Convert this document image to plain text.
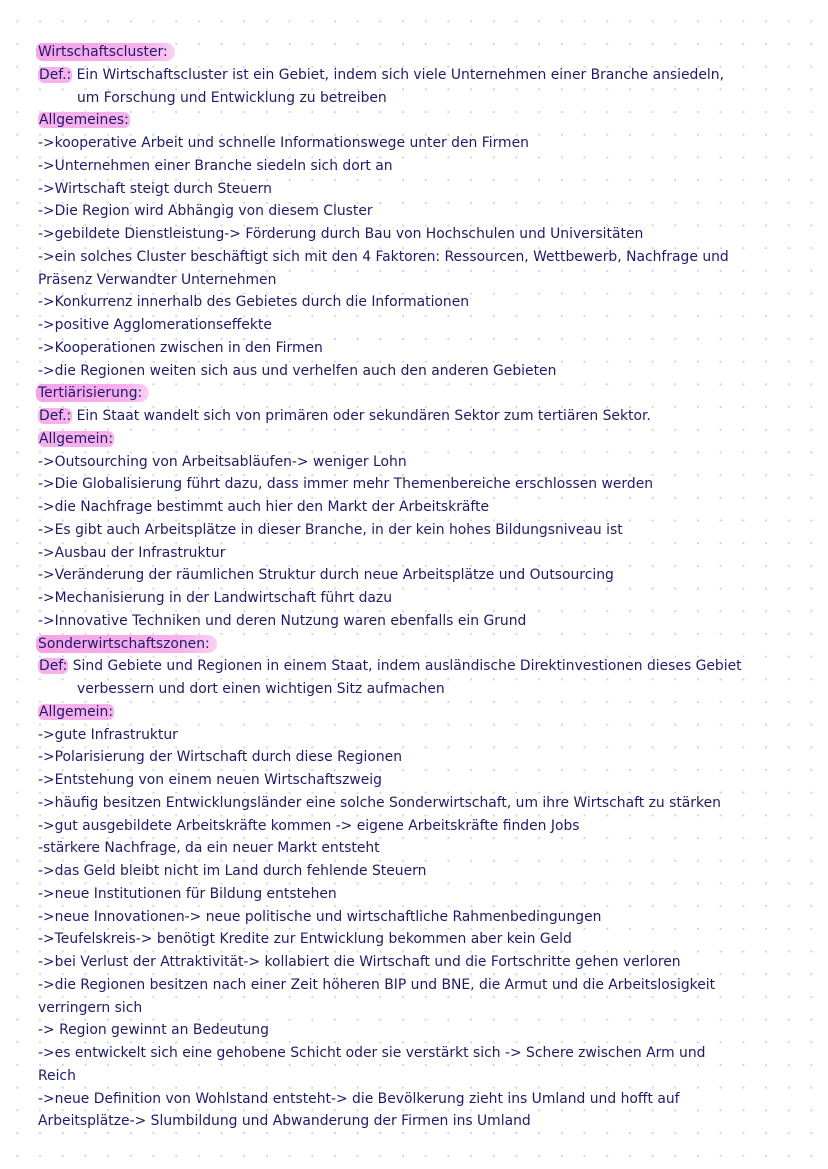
Wirtschaftscluster:
Def.: Ein Wirtschaftscluster ist ein Gebiet, indem sich viele Unternehmen einer Branche ansiedeln,
um Forschung und Entwicklung zu betreiben
Allgemeines:
->kooperative Arbeit und schnelle Informationswege unter den Firmen
->Unternehmen einer Branche siedeln sich dort an
->Wirtschaft steigt durch Steuern
->Die Region wird Abhängig von diesem Cluster
->gebildete Dienstleistung-> Förderung durch Bau von Hochschulen und Universitäten
->ein solches Cluster beschäftigt sich mit den 4 Faktoren: Ressourcen, Wettbewerb, Nachfrage und
Präsenz Verwandter Unternehmen
->Konkurrenz innerhalb des Gebietes durch die Informationen
->positive Agglomerationseffekte
->Kooperationen zwischen in den Firmen
->die Regionen weiten sich aus und verhelfen auch den anderen Gebieten
Tertiärisierung:
Def.: Ein Staat wandelt sich von primären oder sekundären Sektor zum tertiären Sektor.
Allgemein:
->Outsourching von Arbeitsabläufen-> weniger Lohn
->Die Globalisierung führt dazu, dass immer mehr Themenbereiche erschlossen werden
->die Nachfrage bestimmt auch hier den Markt der Arbeitskräfte
->Es gibt auch Arbeitsplätze in dieser Branche, in der kein hohes Bildungsniveau ist
->Ausbau der Infrastruktur
->Veränderung der räumlichen Struktur durch neue Arbeitsplätze und Outsourcing
->Mechanisierung in der Landwirtschaft führt dazu
->Innovative Techniken und deren Nutzung waren ebenfalls ein Grund
Sonderwirtschaftszonen:
Def: Sind Gebiete und Regionen in einem Staat, indem ausländische Direktinvestionen dieses Gebiet
verbessern und dort einen wichtigen Sitz aufmachen
Allgemein:
->gute Infrastruktur
->Polarisierung der Wirtschaft durch diese Regionen
->Entstehung von einem neuen Wirtschaftszweig
->häufig besitzen Entwicklungsländer eine solche Sonderwirtschaft, um ihre Wirtschaft zu stärken
->gut ausgebildete Arbeitskräfte kommen -> eigene Arbeitskräfte finden Jobs
-stärkere Nachfrage, da ein neuer Markt entsteht
->das Geld bleibt nicht im Land durch fehlende Steuern
->neue Institutionen für Bildung entstehen
->neue Innovationen-> neue politische und wirtschaftliche Rahmenbedingungen
->Teufelskreis-> benötigt Kredite zur Entwicklung bekommen aber kein Geld
->bei Verlust der Attraktivität-> kollabiert die Wirtschaft und die Fortschritte gehen verloren
->die Regionen besitzen nach einer Zeit höheren BIP und BNE, die Armut und die Arbeitslosigkeit
verringern sich
-> Region gewinnt an Bedeutung
->es entwickelt sich eine gehobene Schicht oder sie verstärkt sich -> Schere zwischen Arm und
Reich
->neue Definition von Wohlstand entsteht-> die Bevölkerung zieht ins Umland und hofft auf
Arbeitsplätze-> Slumbildung und Abwanderung der Firmen ins Umland
